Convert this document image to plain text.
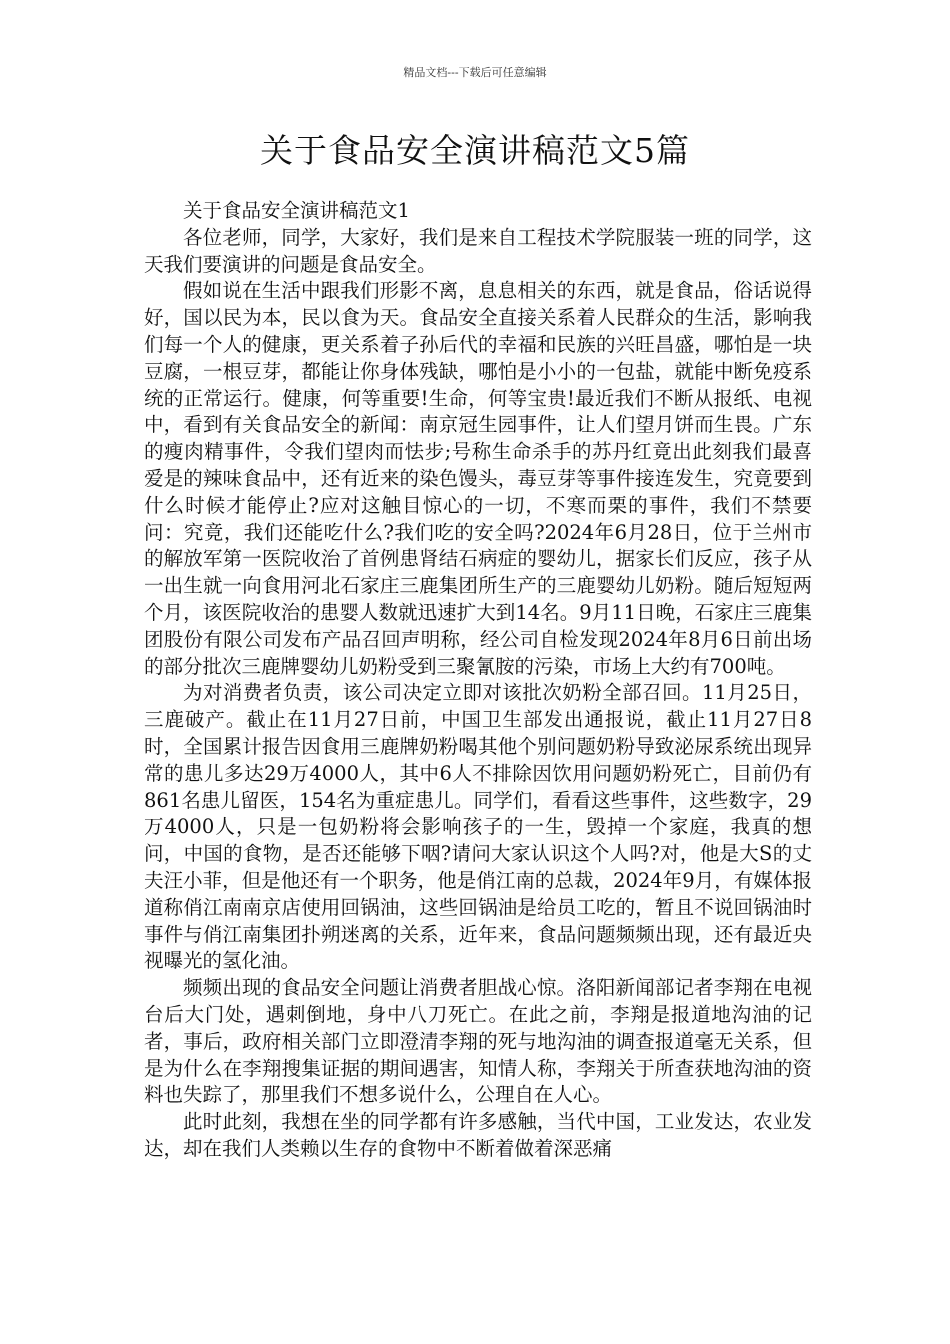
精品文档---下载后可任意编辑
关于食品安全演讲稿范文5篇

关于食品安全演讲稿范文1

各位老师，同学，大家好，我们是来自工程技术学院服装一班的同学，这天我们要演讲的问题是食品安全。

假如说在生活中跟我们形影不离，息息相关的东西，就是食品，俗话说得好，国以民为本，民以食为天。食品安全直接关系着人民群众的生活，影响我们每一个人的健康，更关系着子孙后代的幸福和民族的兴旺昌盛，哪怕是一块豆腐，一根豆芽，都能让你身体残缺，哪怕是小小的一包盐，就能中断免疫系统的正常运行。健康，何等重要!生命，何等宝贵!最近我们不断从报纸、电视中，看到有关食品安全的新闻：南京冠生园事件，让人们望月饼而生畏。广东的瘦肉精事件，令我们望肉而怯步;号称生命杀手的苏丹红竟出此刻我们最喜爱是的辣味食品中，还有近来的染色馒头，毒豆芽等事件接连发生，究竟要到什么时候才能停止?应对这触目惊心的一切，不寒而栗的事件，我们不禁要问：究竟，我们还能吃什么?我们吃的安全吗?2024年6月28日，位于兰州市的解放军第一医院收治了首例患肾结石病症的婴幼儿，据家长们反应，孩子从一出生就一向食用河北石家庄三鹿集团所生产的三鹿婴幼儿奶粉。随后短短两个月，该医院收治的患婴人数就迅速扩大到14名。9月11日晚，石家庄三鹿集团股份有限公司发布产品召回声明称，经公司自检发现2024年8月6日前出场的部分批次三鹿牌婴幼儿奶粉受到三聚氰胺的污染，市场上大约有700吨。

为对消费者负责，该公司决定立即对该批次奶粉全部召回。11月25日，三鹿破产。截止在11月27日前，中国卫生部发出通报说，截止11月27日8时，全国累计报告因食用三鹿牌奶粉喝其他个别问题奶粉导致泌尿系统出现异常的患儿多达29万4000人，其中6人不排除因饮用问题奶粉死亡，目前仍有861名患儿留医，154名为重症患儿。同学们，看看这些事件，这些数字，29万4000人，只是一包奶粉将会影响孩子的一生，毁掉一个家庭，我真的想问，中国的食物，是否还能够下咽?请问大家认识这个人吗?对，他是大S的丈夫汪小菲，但是他还有一个职务，他是俏江南的总裁，2024年9月，有媒体报道称俏江南南京店使用回锅油，这些回锅油是给员工吃的，暂且不说回锅油时事件与俏江南集团扑朔迷离的关系，近年来，食品问题频频出现，还有最近央视曝光的氢化油。

频频出现的食品安全问题让消费者胆战心惊。洛阳新闻部记者李翔在电视台后大门处，遇刺倒地，身中八刀死亡。在此之前，李翔是报道地沟油的记者，事后，政府相关部门立即澄清李翔的死与地沟油的调查报道毫无关系，但是为什么在李翔搜集证据的期间遇害，知情人称，李翔关于所查获地沟油的资料也失踪了，那里我们不想多说什么，公理自在人心。

此时此刻，我想在坐的同学都有许多感触，当代中国，工业发达，农业发达，却在我们人类赖以生存的食物中不断着做着深恶痛
